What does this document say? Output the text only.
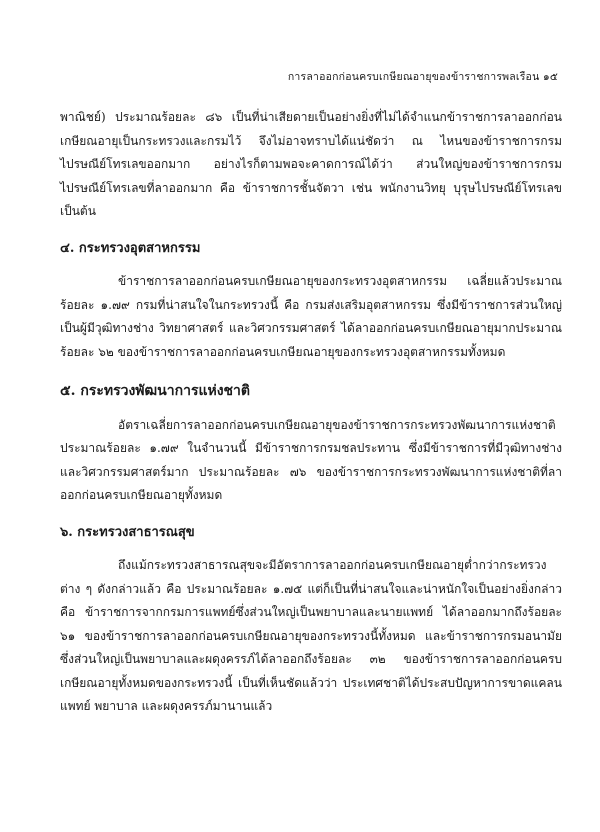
การลาออกก่อนครบเกษียณอายุของข้าราชการพลเรือน ๑๕

พาณิชย์) ประมาณร้อยละ ๘๖ เป็นที่น่าเสียดายเป็นอย่างยิ่งที่ไม่ได้จำแนกข้าราชการลาออกก่อนเกษียณอายุเป็นกระทรวงและกรมไว้ จึงไม่อาจทราบได้แน่ชัดว่า ณ ไหนของข้าราชการกรมไปรษณีย์โทรเลขออกมาก อย่างไรก็ตามพอจะคาดการณ์ได้ว่า ส่วนใหญ่ของข้าราชการกรมไปรษณีย์โทรเลขที่ลาออกมาก คือ ข้าราชการชั้นจัตวา เช่น พนักงานวิทยุ บุรุษไปรษณีย์โทรเลขเป็นต้น

๔. กระทรวงอุตสาหกรรม

ข้าราชการลาออกก่อนครบเกษียณอายุของกระทรวงอุตสาหกรรม เฉลี่ยแล้วประมาณร้อยละ ๑.๗๙ กรมที่น่าสนใจในกระทรวงนี้ คือ กรมส่งเสริมอุตสาหกรรม ซึ่งมีข้าราชการส่วนใหญ่เป็นผู้มีวุฒิทางช่าง วิทยาศาสตร์ และวิศวกรรมศาสตร์ ได้ลาออกก่อนครบเกษียณอายุมากประมาณร้อยละ ๖๒ ของข้าราชการลาออกก่อนครบเกษียณอายุของกระทรวงอุตสาหกรรมทั้งหมด

๕. กระทรวงพัฒนาการแห่งชาติ

อัตราเฉลี่ยการลาออกก่อนครบเกษียณอายุของข้าราชการกระทรวงพัฒนาการแห่งชาติประมาณร้อยละ ๑.๗๙ ในจำนวนนี้ มีข้าราชการกรมชลประทาน ซึ่งมีข้าราชการที่มีวุฒิทางช่าง และวิศวกรรมศาสตร์มาก ประมาณร้อยละ ๗๖ ของข้าราชการกระทรวงพัฒนาการแห่งชาติที่ลาออกก่อนครบเกษียณอายุทั้งหมด

๖. กระทรวงสาธารณสุข

ถึงแม้กระทรวงสาธารณสุขจะมีอัตราการลาออกก่อนครบเกษียณอายุต่ำกว่ากระทรวงต่าง ๆ ดังกล่าวแล้ว คือ ประมาณร้อยละ ๑.๗๕ แต่ก็เป็นที่น่าสนใจและน่าหนักใจเป็นอย่างยิ่งกล่าวคือ ข้าราชการจากกรมการแพทย์ซึ่งส่วนใหญ่เป็นพยาบาลและนายแพทย์ ได้ลาออกมากถึงร้อยละ ๖๑ ของข้าราชการลาออกก่อนครบเกษียณอายุของกระทรวงนี้ทั้งหมด และข้าราชการกรมอนามัย ซึ่งส่วนใหญ่เป็นพยาบาลและผดุงครรภ์ได้ลาออกถึงร้อยละ ๓๒ ของข้าราชการลาออกก่อนครบเกษียณอายุทั้งหมดของกระทรวงนี้ เป็นที่เห็นชัดแล้วว่า ประเทศชาติได้ประสบปัญหาการขาดแคลนแพทย์ พยาบาล และผดุงครรภ์มานานแล้ว
